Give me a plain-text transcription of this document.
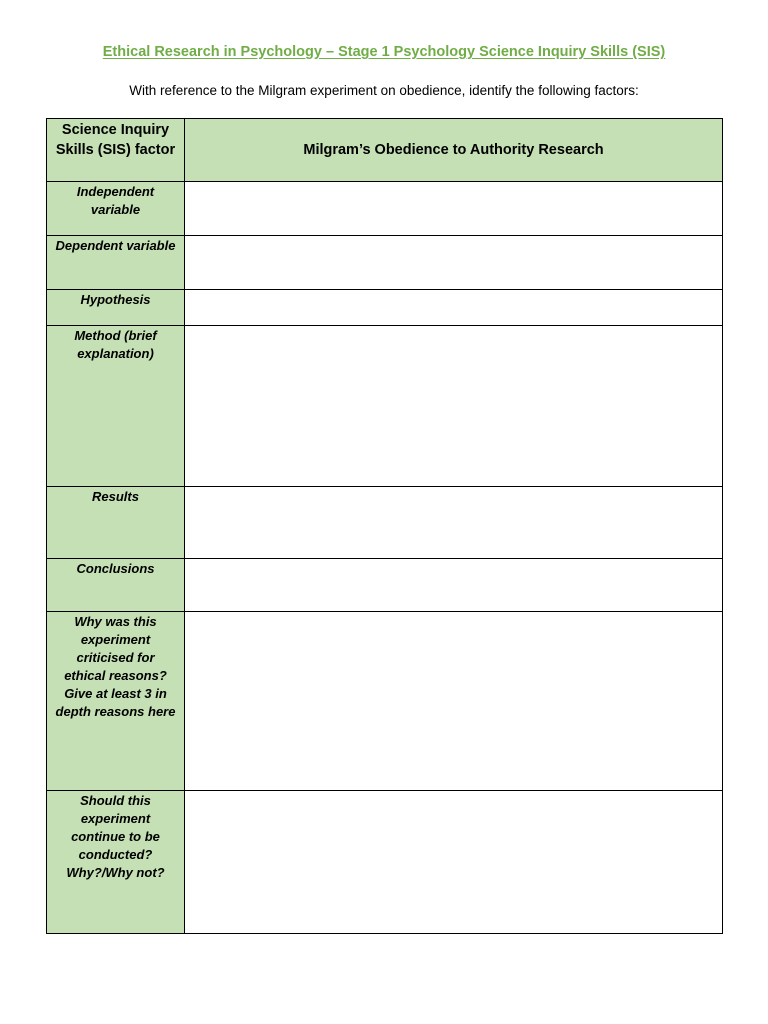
Ethical Research in Psychology – Stage 1 Psychology Science Inquiry Skills (SIS)
With reference to the Milgram experiment on obedience, identify the following factors:
Science Inquiry Skills (SIS) factor	Milgram’s Obedience to Authority Research
Independent variable	
Dependent variable	
Hypothesis	
Method (brief explanation)	
Results	
Conclusions	
Why was this experiment criticised for ethical reasons? Give at least 3 in depth reasons here	
Should this experiment continue to be conducted? Why?/Why not?	
